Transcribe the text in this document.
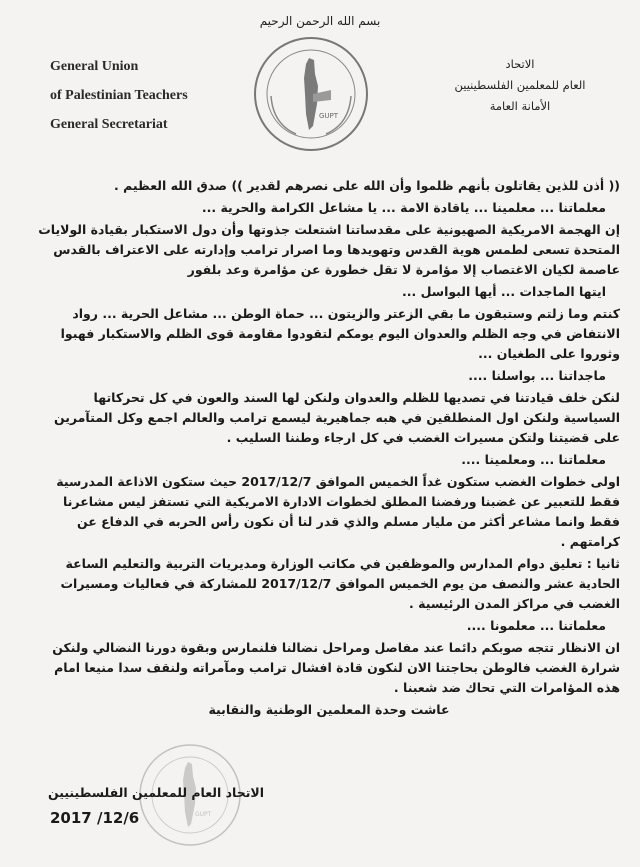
بسم الله الرحمن الرحيم
General Union
of Palestinian Teachers
General Secretariat
GUPT
الاتحاد
العام للمعلمين الفلسطينيين
الأمانة العامة

(( أذن للذين يقاتلون بأنهم ظلموا وأن الله على نصرهم لقدير )) صدق الله العظيم .

معلماتنا ... معلمينا ... ياقادة الامة ... يا مشاعل الكرامة والحرية ...

إن الهجمة الامريكية الصهيونية على مقدساتنا اشتعلت جذوتها وأن دول الاستكبار بقيادة الولايات المتحدة تسعى لطمس هوية القدس وتهويدها وما اصرار ترامب وإدارته على الاعتراف بالقدس عاصمة لكيان الاغتصاب إلا مؤامرة لا تقل خطورة عن مؤامرة وعد بلفور

ايتها الماجدات ... أيها البواسل ...

كنتم وما زلتم وستبقون ما بقي الزعتر والزيتون ... حماة الوطن ... مشاعل الحرية ... رواد الانتفاض في وجه الظلم والعدوان اليوم يومكم لتقودوا مقاومة قوى الظلم والاستكبار فهبوا وثوروا على الطغيان ...

ماجداتنا ... بواسلنا ....

لنكن خلف قيادتنا في تصديها للظلم والعدوان ولنكن لها السند والعون في كل تحركاتها السياسية ولنكن اول المنطلقين في هبه جماهيرية ليسمع ترامب والعالم اجمع وكل المتآمرين على قضيتنا ولتكن مسيرات الغضب في كل ارجاء وطننا السليب .

معلماتنا ... ومعلمينا ....

اولى خطوات الغضب ستكون غداً الخميس الموافق 2017/12/7 حيث ستكون الاذاعة المدرسية فقط للتعبير عن غضبنا ورفضنا المطلق لخطوات الادارة الامريكية التي تستفز ليس مشاعرنا فقط وانما مشاعر أكثر من مليار مسلم والذي قدر لنا أن نكون رأس الحربه في الدفاع عن كرامتهم .

ثانيا : تعليق دوام المدارس والموظفين في مكاتب الوزارة ومديريات التربية والتعليم الساعة الحادية عشر والنصف من يوم الخميس الموافق 2017/12/7 للمشاركة في فعاليات ومسيرات الغضب في مراكز المدن الرئيسية .

معلماتنا ... معلمونا ....

ان الانظار تتجه صوبكم دائما عند مفاصل ومراحل نضالنا فلنمارس وبقوة دورنا النضالي ولنكن شرارة الغضب فالوطن بحاجتنا الان لنكون قادة افشال ترامب ومآمراته ولنقف سدا منيعا امام هذه المؤامرات التي تحاك ضد شعبنا .

عاشت وحدة المعلمين الوطنية والنقابية

GUPT
الاتحاد العام للمعلمين الفلسطينيين
2017 /12/6
